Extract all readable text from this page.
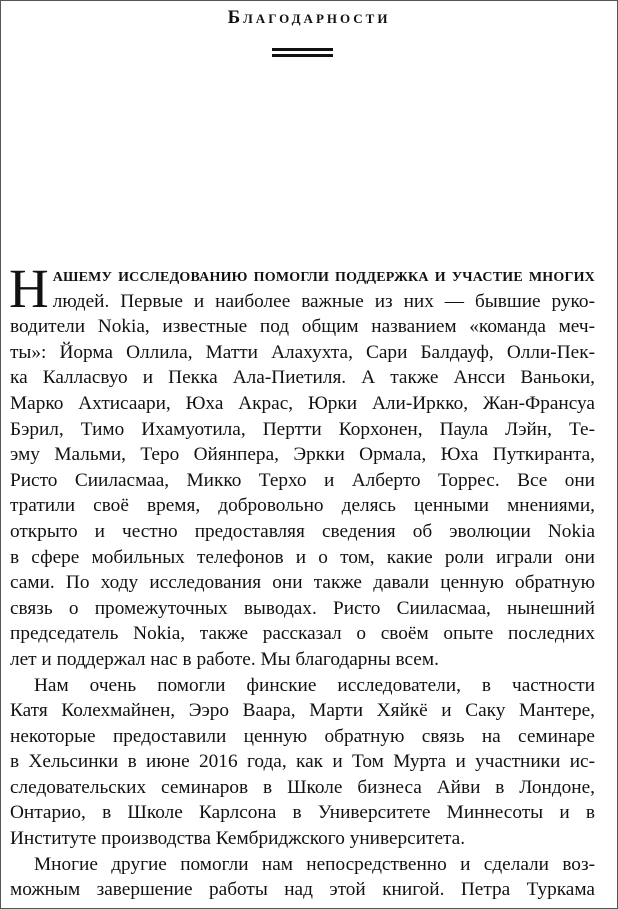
Благодарности
Н ашему исследованию помогли поддержка и участие многих
людей. Первые и наиболее важные из них — бывшие руко-
водители Nokia, известные под общим названием «команда меч-
ты»: Йорма Оллила, Матти Алахухта, Сари Балдауф, Олли-Пек-
ка Калласвуо и Пекка Ала-Пиетиля. А также Ансси Ваньоки,
Марко Ахтисаари, Юха Акрас, Юрки Али-Иркко, Жан-Франсуа
Бэрил, Тимо Ихамуотила, Пертти Корхонен, Паула Лэйн, Те-
эму Мальми, Теро Ойянпера, Эркки Ормала, Юха Путкиранта,
Ристо Сииласмаа, Микко Терхо и Алберто Торрес. Все они
тратили своё время, добровольно делясь ценными мнениями,
открыто и честно предоставляя сведения об эволюции Nokia
в сфере мобильных телефонов и о том, какие роли играли они
сами. По ходу исследования они также давали ценную обратную
связь о промежуточных выводах. Ристо Сииласмаа, нынешний
председатель Nokia, также рассказал о своём опыте последних
лет и поддержал нас в работе. Мы благодарны всем.
Нам очень помогли финские исследователи, в частности
Катя Колехмайнен, Ээро Ваара, Марти Хяйкё и Саку Мантере,
некоторые предоставили ценную обратную связь на семинаре
в Хельсинки в июне 2016 года, как и Том Мурта и участники ис-
следовательских семинаров в Школе бизнеса Айви в Лондоне,
Онтарио, в Школе Карлсона в Университете Миннесоты и в
Институте производства Кембриджского университета.
Многие другие помогли нам непосредственно и сделали воз-
можным завершение работы над этой книгой. Петра Туркама
